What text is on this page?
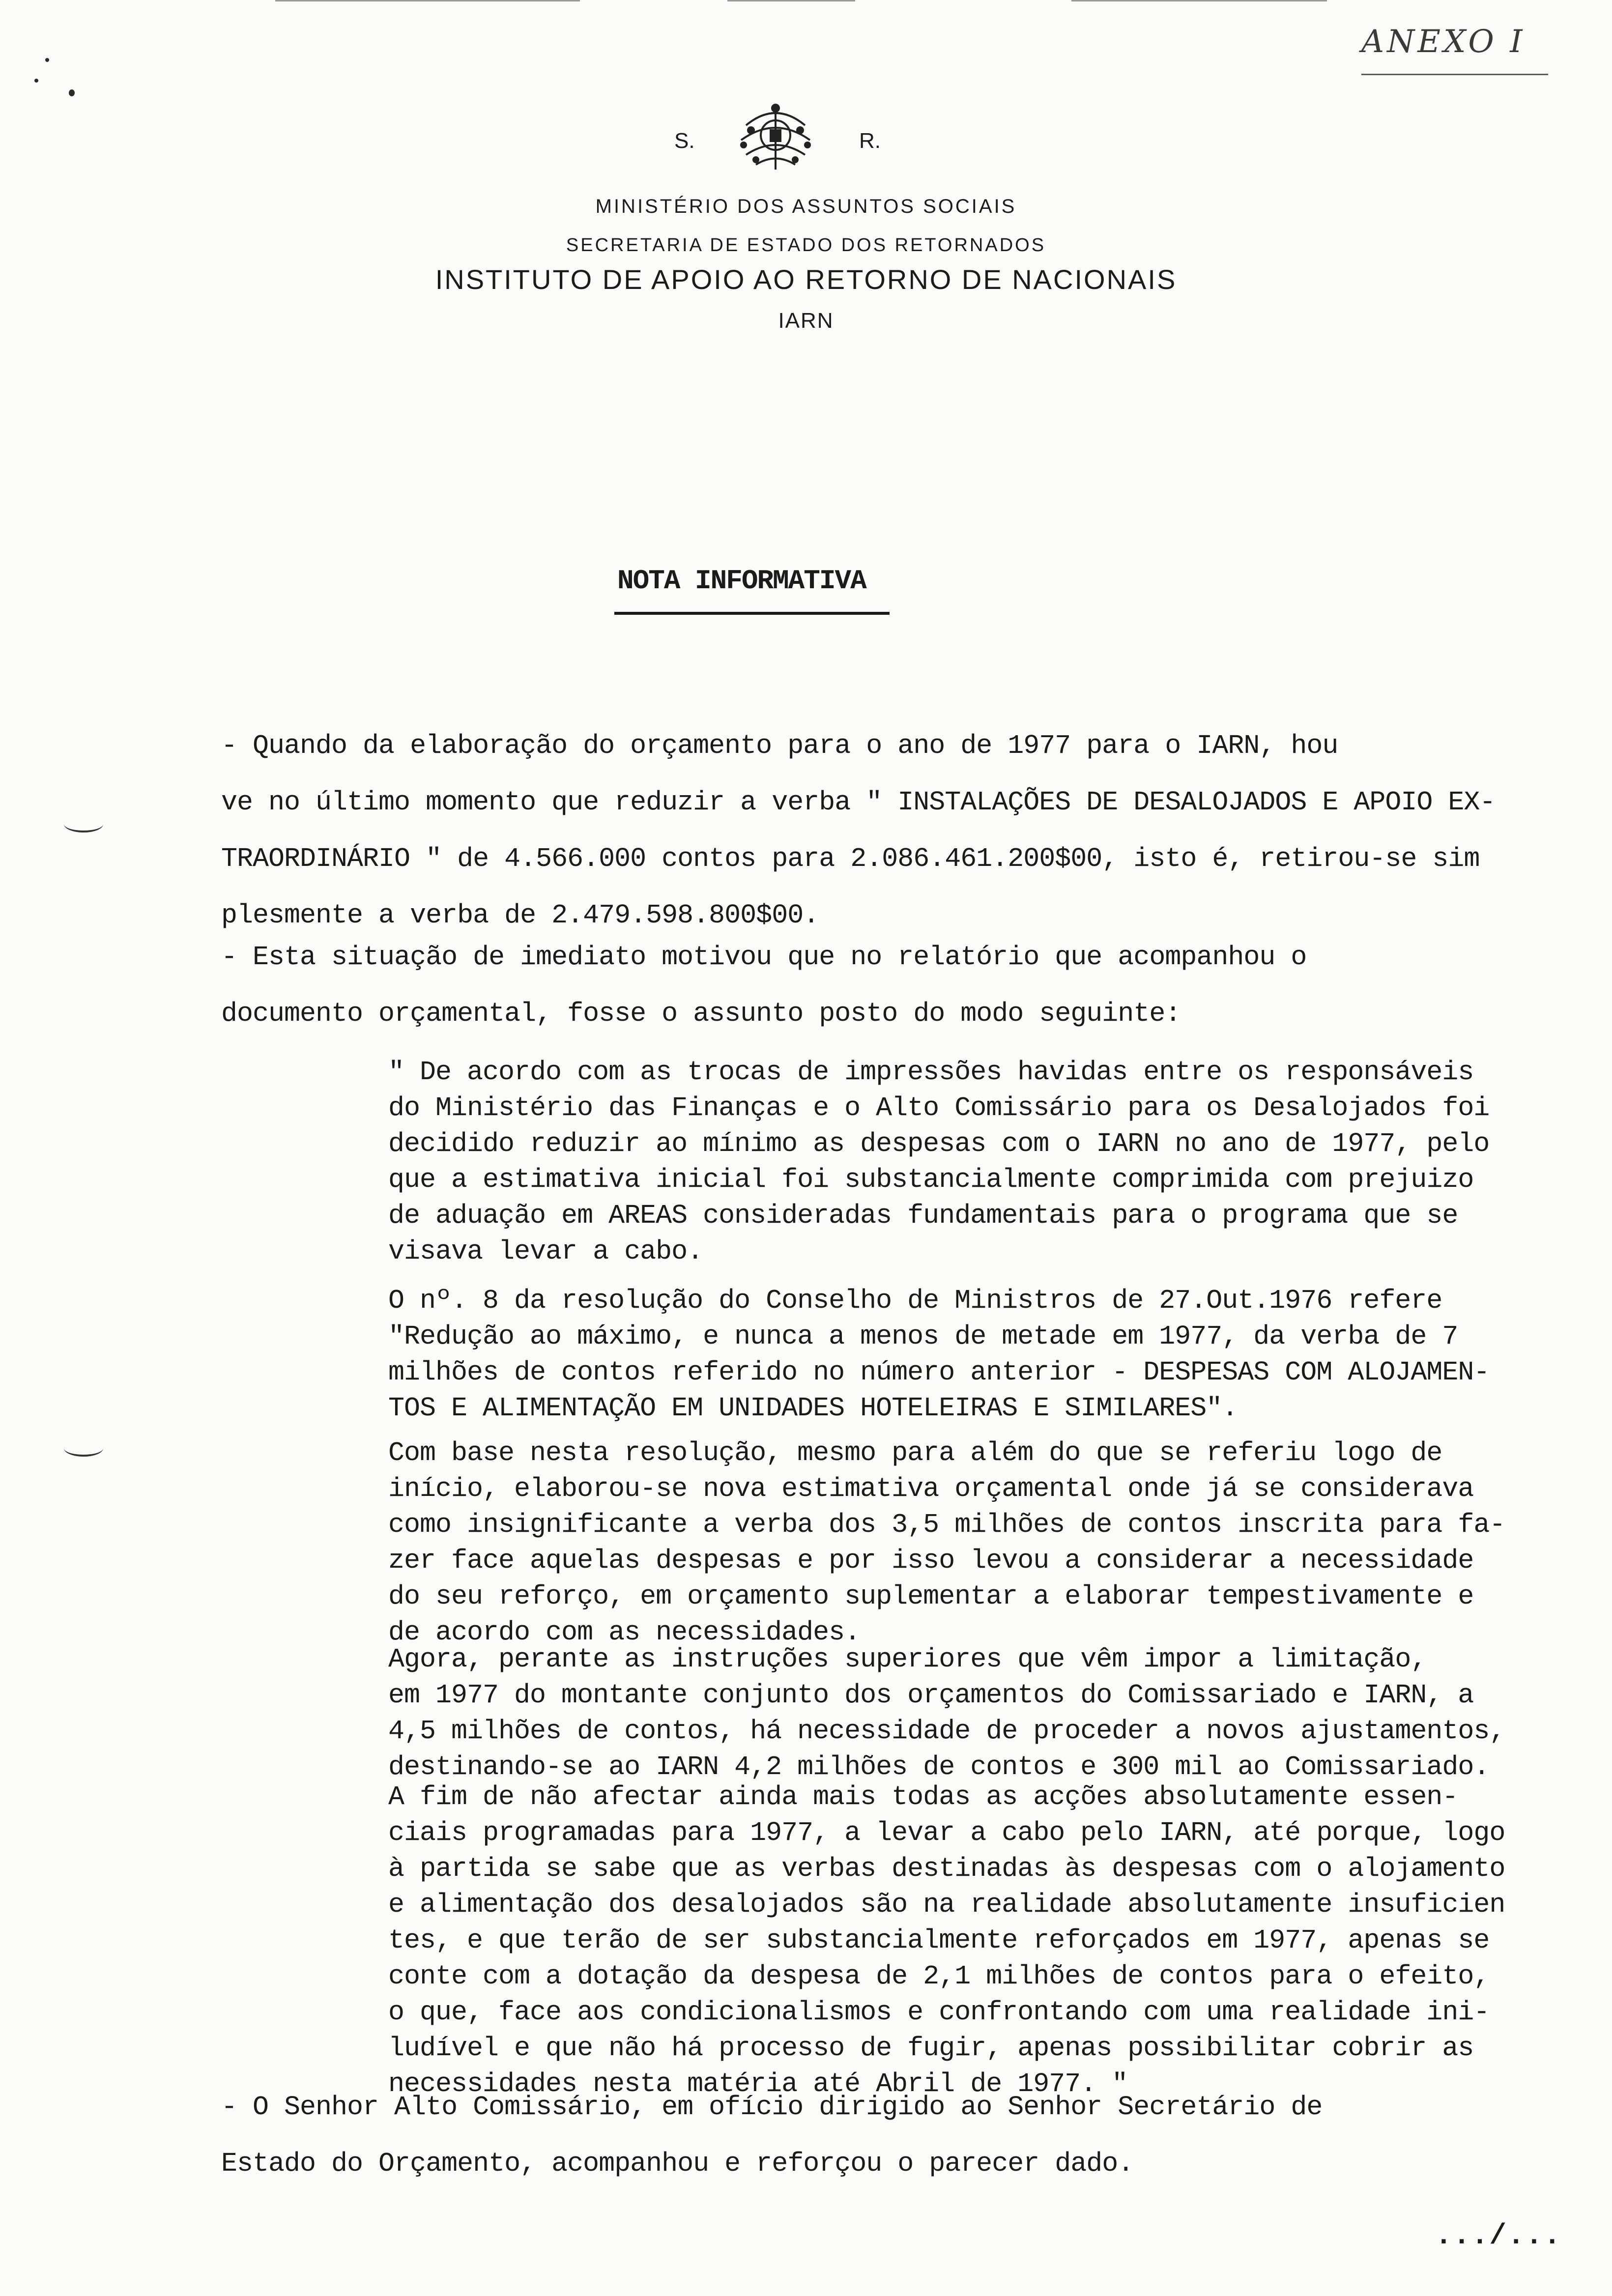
ANEXO I
S.	R.
MINISTÉRIO DOS ASSUNTOS SOCIAIS
SECRETARIA DE ESTADO DOS RETORNADOS
INSTITUTO DE APOIO AO RETORNO DE NACIONAIS
IARN
NOTA INFORMATIVA
- Quando da elaboração do orçamento para o ano de 1977 para o IARN, hou
ve no último momento que reduzir a verba " INSTALAÇÕES DE DESALOJADOS E APOIO EX-
TRAORDINÁRIO " de 4.566.000 contos para 2.086.461.200$00, isto é, retirou-se sim
plesmente a verba de 2.479.598.800$00.
- Esta situação de imediato motivou que no relatório que acompanhou o
documento orçamental, fosse o assunto posto do modo seguinte:
" De acordo com as trocas de impressões havidas entre os responsáveis
do Ministério das Finanças e o Alto Comissário para os Desalojados foi
decidido reduzir ao mínimo as despesas com o IARN no ano de 1977, pelo
que a estimativa inicial foi substancialmente comprimida com prejuizo
de aduação em AREAS consideradas fundamentais para o programa que se
visava levar a cabo.
O nº. 8 da resolução do Conselho de Ministros de 27.Out.1976 refere
"Redução ao máximo, e nunca a menos de metade em 1977, da verba de 7
milhões de contos referido no número anterior - DESPESAS COM ALOJAMEN-
TOS E ALIMENTAÇÃO EM UNIDADES HOTELEIRAS E SIMILARES".
Com base nesta resolução, mesmo para além do que se referiu logo de
início, elaborou-se nova estimativa orçamental onde já se considerava
como insignificante a verba dos 3,5 milhões de contos inscrita para fa-
zer face aquelas despesas e por isso levou a considerar a necessidade
do seu reforço, em orçamento suplementar a elaborar tempestivamente e
de acordo com as necessidades.
Agora, perante as instruções superiores que vêm impor a limitação,
em 1977 do montante conjunto dos orçamentos do Comissariado e IARN, a
4,5 milhões de contos, há necessidade de proceder a novos ajustamentos,
destinando-se ao IARN 4,2 milhões de contos e 300 mil ao Comissariado.
A fim de não afectar ainda mais todas as acções absolutamente essen-
ciais programadas para 1977, a levar a cabo pelo IARN, até porque, logo
à partida se sabe que as verbas destinadas às despesas com o alojamento
e alimentação dos desalojados são na realidade absolutamente insuficien
tes, e que terão de ser substancialmente reforçados em 1977, apenas se
conte com a dotação da despesa de 2,1 milhões de contos para o efeito,
o que, face aos condicionalismos e confrontando com uma realidade ini-
ludível e que não há processo de fugir, apenas possibilitar cobrir as
necessidades nesta matéria até Abril de 1977. "
- O Senhor Alto Comissário, em ofício dirigido ao Senhor Secretário de
Estado do Orçamento, acompanhou e reforçou o parecer dado.
.../...
